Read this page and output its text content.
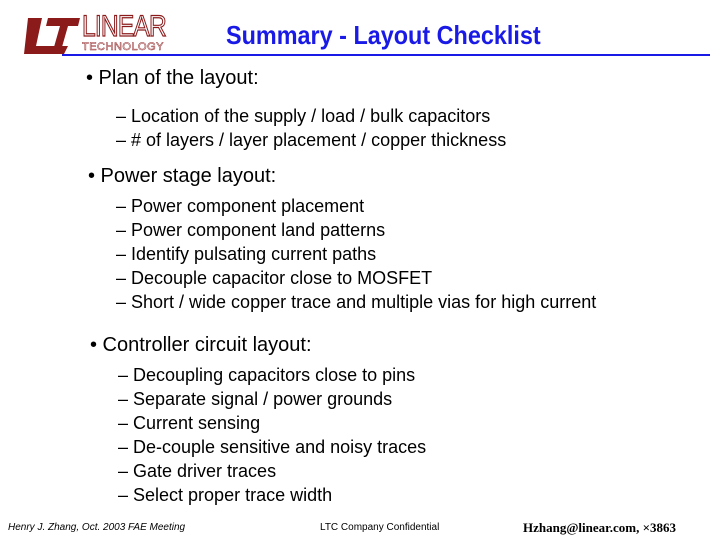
LINEAR
TECHNOLOGY Summary - Layout Checklist
• Plan of the layout:
– Location of the supply / load / bulk capacitors
– # of layers / layer placement / copper thickness
• Power stage layout:
– Power component placement
– Power component land patterns
– Identify pulsating current paths
– Decouple capacitor close to MOSFET
– Short / wide copper trace and multiple vias for high current
• Controller circuit layout:
– Decoupling capacitors close to pins
– Separate signal / power grounds
– Current sensing
– De-couple sensitive and noisy traces
– Gate driver traces
– Select proper trace width
Henry J. Zhang, Oct. 2003 FAE Meeting	LTC Company Confidential	Hzhang@linear.com, ×3863
